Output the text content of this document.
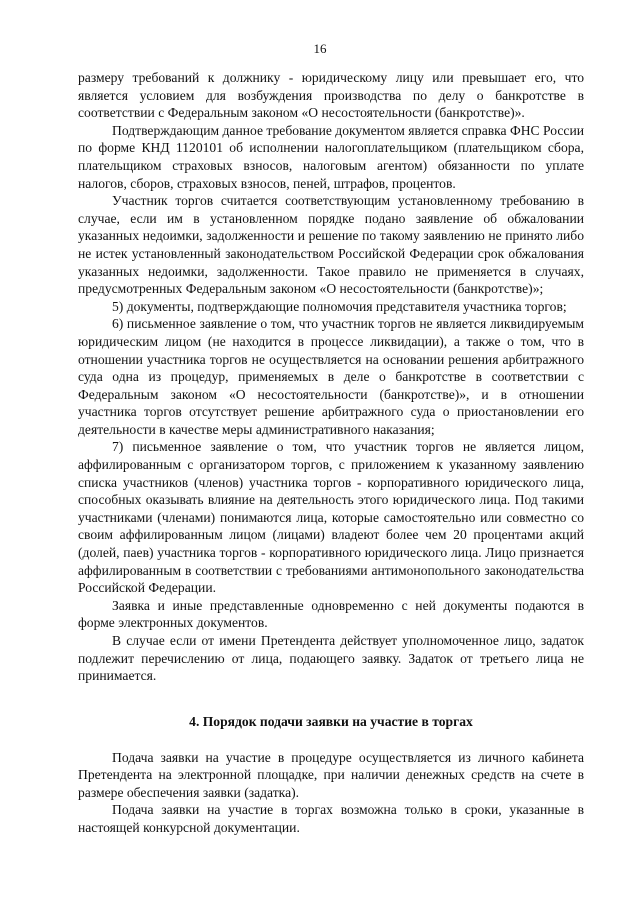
16

размеру требований к должнику - юридическому лицу или превышает его, что является условием для возбуждения производства по делу о банкротстве в соответствии с Федеральным законом «О несостоятельности (банкротстве)».

Подтверждающим данное требование документом является справка ФНС России по форме КНД 1120101 об исполнении налогоплательщиком (плательщиком сбора, плательщиком страховых взносов, налоговым агентом) обязанности по уплате налогов, сборов, страховых взносов, пеней, штрафов, процентов.

Участник торгов считается соответствующим установленному требованию в случае, если им в установленном порядке подано заявление об обжаловании указанных недоимки, задолженности и решение по такому заявлению не принято либо не истек установленный законодательством Российской Федерации срок обжалования указанных недоимки, задолженности. Такое правило не применяется в случаях, предусмотренных Федеральным законом «О несостоятельности (банкротстве)»;

5) документы, подтверждающие полномочия представителя участника торгов;

6) письменное заявление о том, что участник торгов не является ликвидируемым юридическим лицом (не находится в процессе ликвидации), а также о том, что в отношении участника торгов не осуществляется на основании решения арбитражного суда одна из процедур, применяемых в деле о банкротстве в соответствии с Федеральным законом «О несостоятельности (банкротстве)», и в отношении участника торгов отсутствует решение арбитражного суда о приостановлении его деятельности в качестве меры административного наказания;

7) письменное заявление о том, что участник торгов не является лицом, аффилированным с организатором торгов, с приложением к указанному заявлению списка участников (членов) участника торгов - корпоративного юридического лица, способных оказывать влияние на деятельность этого юридического лица. Под такими участниками (членами) понимаются лица, которые самостоятельно или совместно со своим аффилированным лицом (лицами) владеют более чем 20 процентами акций (долей, паев) участника торгов - корпоративного юридического лица. Лицо признается аффилированным в соответствии с требованиями антимонопольного законодательства Российской Федерации.

Заявка и иные представленные одновременно с ней документы подаются в форме электронных документов.

В случае если от имени Претендента действует уполномоченное лицо, задаток подлежит перечислению от лица, подающего заявку. Задаток от третьего лица не принимается.

4. Порядок подачи заявки на участие в торгах

Подача заявки на участие в процедуре осуществляется из личного кабинета Претендента на электронной площадке, при наличии денежных средств на счете в размере обеспечения заявки (задатка).

Подача заявки на участие в торгах возможна только в сроки, указанные в настоящей конкурсной документации.
